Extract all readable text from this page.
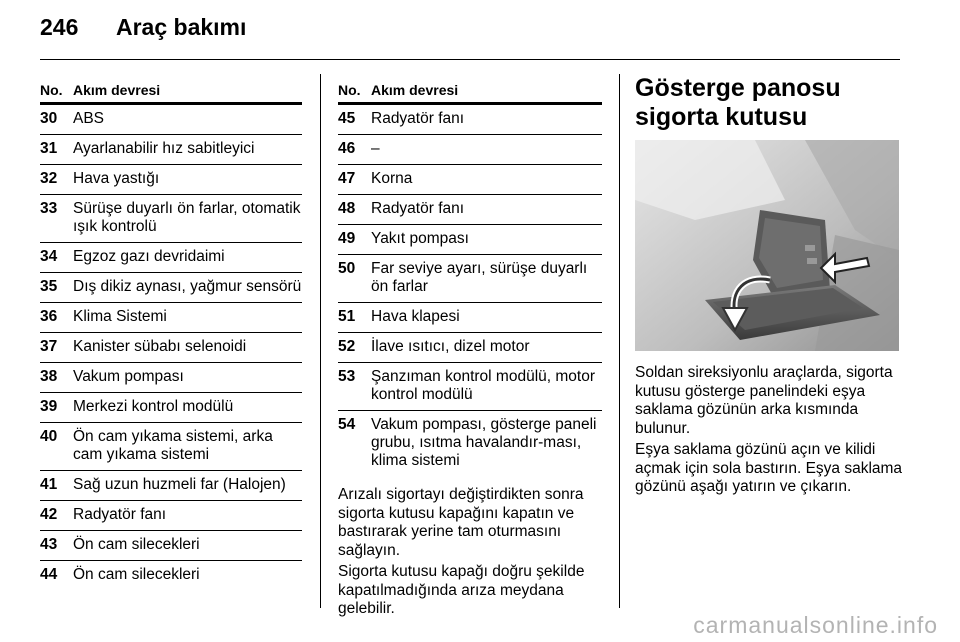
246 Araç bakımı
No. Akım devresi
30 ABS
31 Ayarlanabilir hız sabitleyici
32 Hava yastığı
33 Sürüşe duyarlı ön farlar, otomatik ışık kontrolü
34 Egzoz gazı devridaimi
35 Dış dikiz aynası, yağmur sensörü
36 Klima Sistemi
37 Kanister sübabı selenoidi
38 Vakum pompası
39 Merkezi kontrol modülü
40 Ön cam yıkama sistemi, arka cam yıkama sistemi
41 Sağ uzun huzmeli far (Halojen)
42 Radyatör fanı
43 Ön cam silecekleri
44 Ön cam silecekleri
No. Akım devresi
45 Radyatör fanı
46 –
47 Korna
48 Radyatör fanı
49 Yakıt pompası
50 Far seviye ayarı, sürüşe duyarlı ön farlar
51 Hava klapesi
52 İlave ısıtıcı, dizel motor
53 Şanzıman kontrol modülü, motor kontrol modülü
54 Vakum pompası, gösterge paneli grubu, ısıtma havalandır-ması, klima sistemi

Arızalı sigortayı değiştirdikten sonra sigorta kutusu kapağını kapatın ve bastırarak yerine tam oturmasını sağlayın.

Sigorta kutusu kapağı doğru şekilde kapatılmadığında arıza meydana gelebilir.

Gösterge panosu sigorta kutusu

Soldan sireksiyonlu araçlarda, sigorta kutusu gösterge panelindeki eşya saklama gözünün arka kısmında bulunur.

Eşya saklama gözünü açın ve kilidi açmak için sola bastırın. Eşya saklama gözünü aşağı yatırın ve çıkarın.

carmanualsonline.info
